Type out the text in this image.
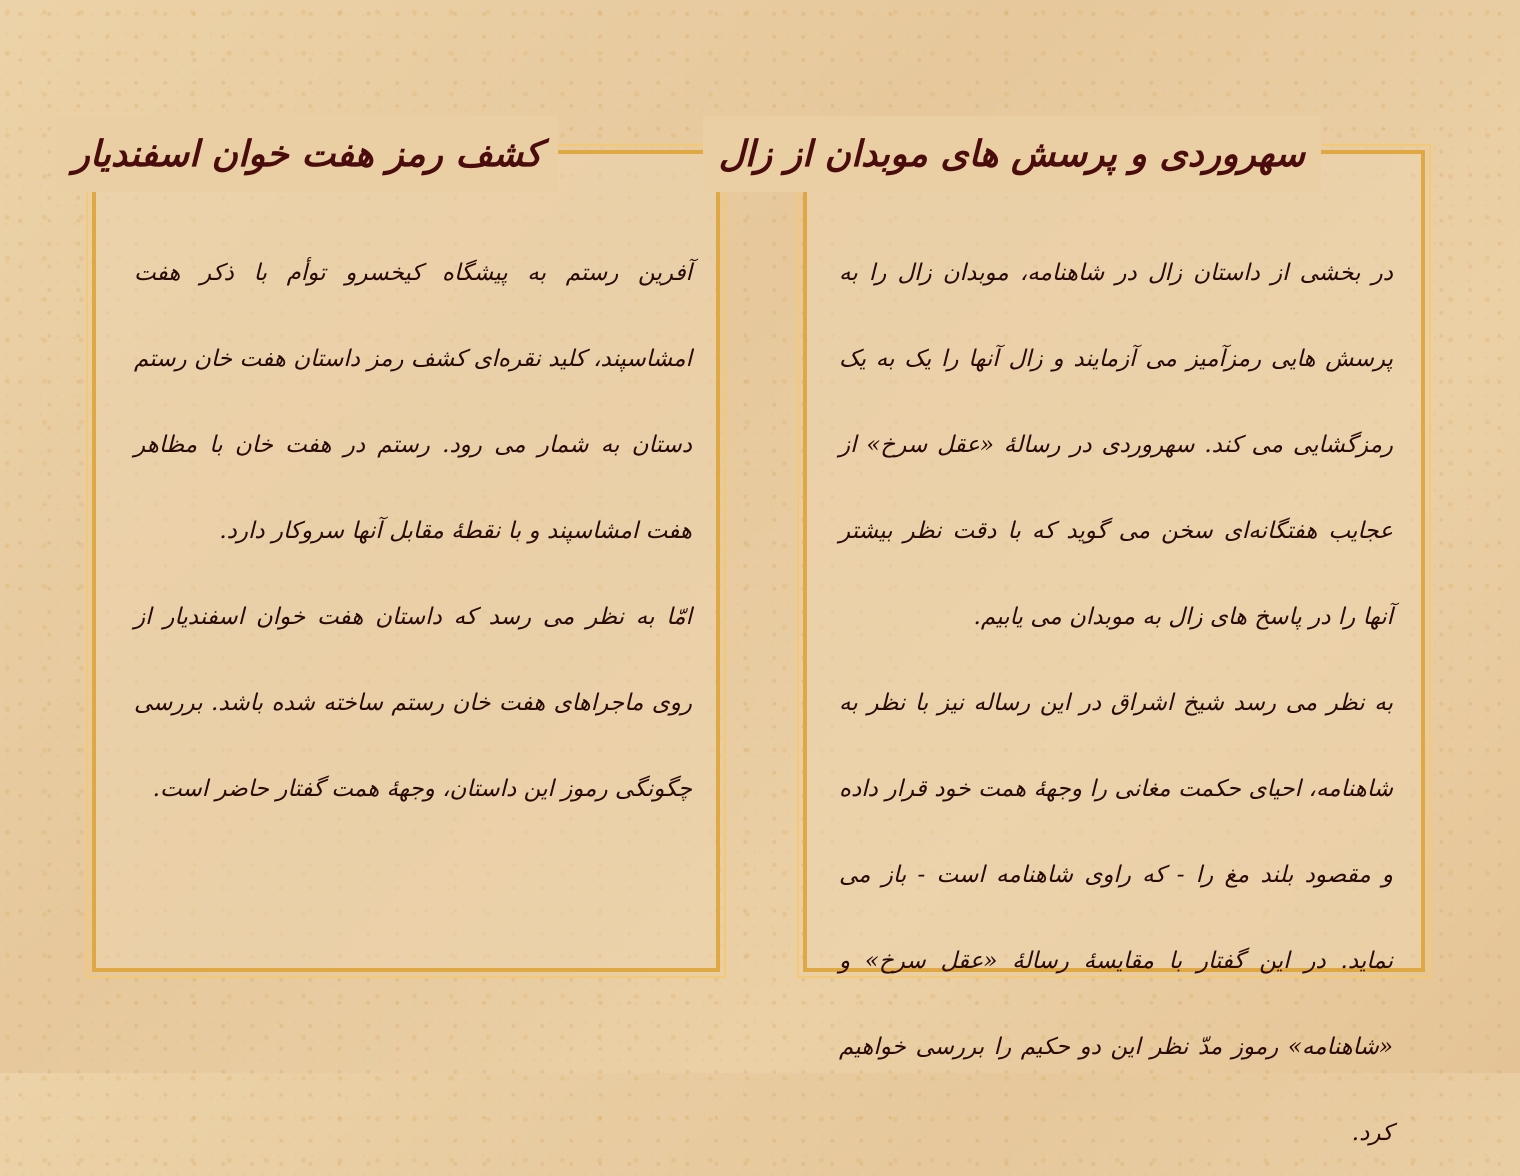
کشف رمز هفت خوان اسفندیار

آفرین رستم به پیشگاه کیخسرو توأم با ذکر هفت امشاسپند، کلید نقره‌ای کشف رمز داستان هفت خان رستم دستان به شمار می رود. رستم در هفت خان با مظاهر هفت امشاسپند و با نقطهٔ مقابل آنها سروکار دارد.

امّا به نظر می رسد که داستان هفت خوان اسفندیار از روی ماجراهای هفت خان رستم ساخته شده باشد. بررسی چگونگی رموز این داستان، وجههٔ همت گفتار حاضر است.

سهروردی و پرسش های موبدان از زال

در بخشی از داستان زال در شاهنامه، موبدان زال را به پرسش هایی رمزآمیز می آزمایند و زال آنها را یک به یک رمزگشایی می کند. سهروردی در رسالهٔ «عقل سرخ» از عجایب هفتگانه‌ای سخن می گوید که با دقت نظر بیشتر آنها را در پاسخ های زال به موبدان می یابیم.

به نظر می رسد شیخ اشراق در این رساله نیز با نظر به شاهنامه، احیای حکمت مغانی را وجههٔ همت خود قرار داده و مقصود بلند مغ را - که راوی شاهنامه است - باز می نماید. در این گفتار با مقایسهٔ رسالهٔ «عقل سرخ» و «شاهنامه» رموز مدّ نظر این دو حکیم را بررسی خواهیم کرد.
